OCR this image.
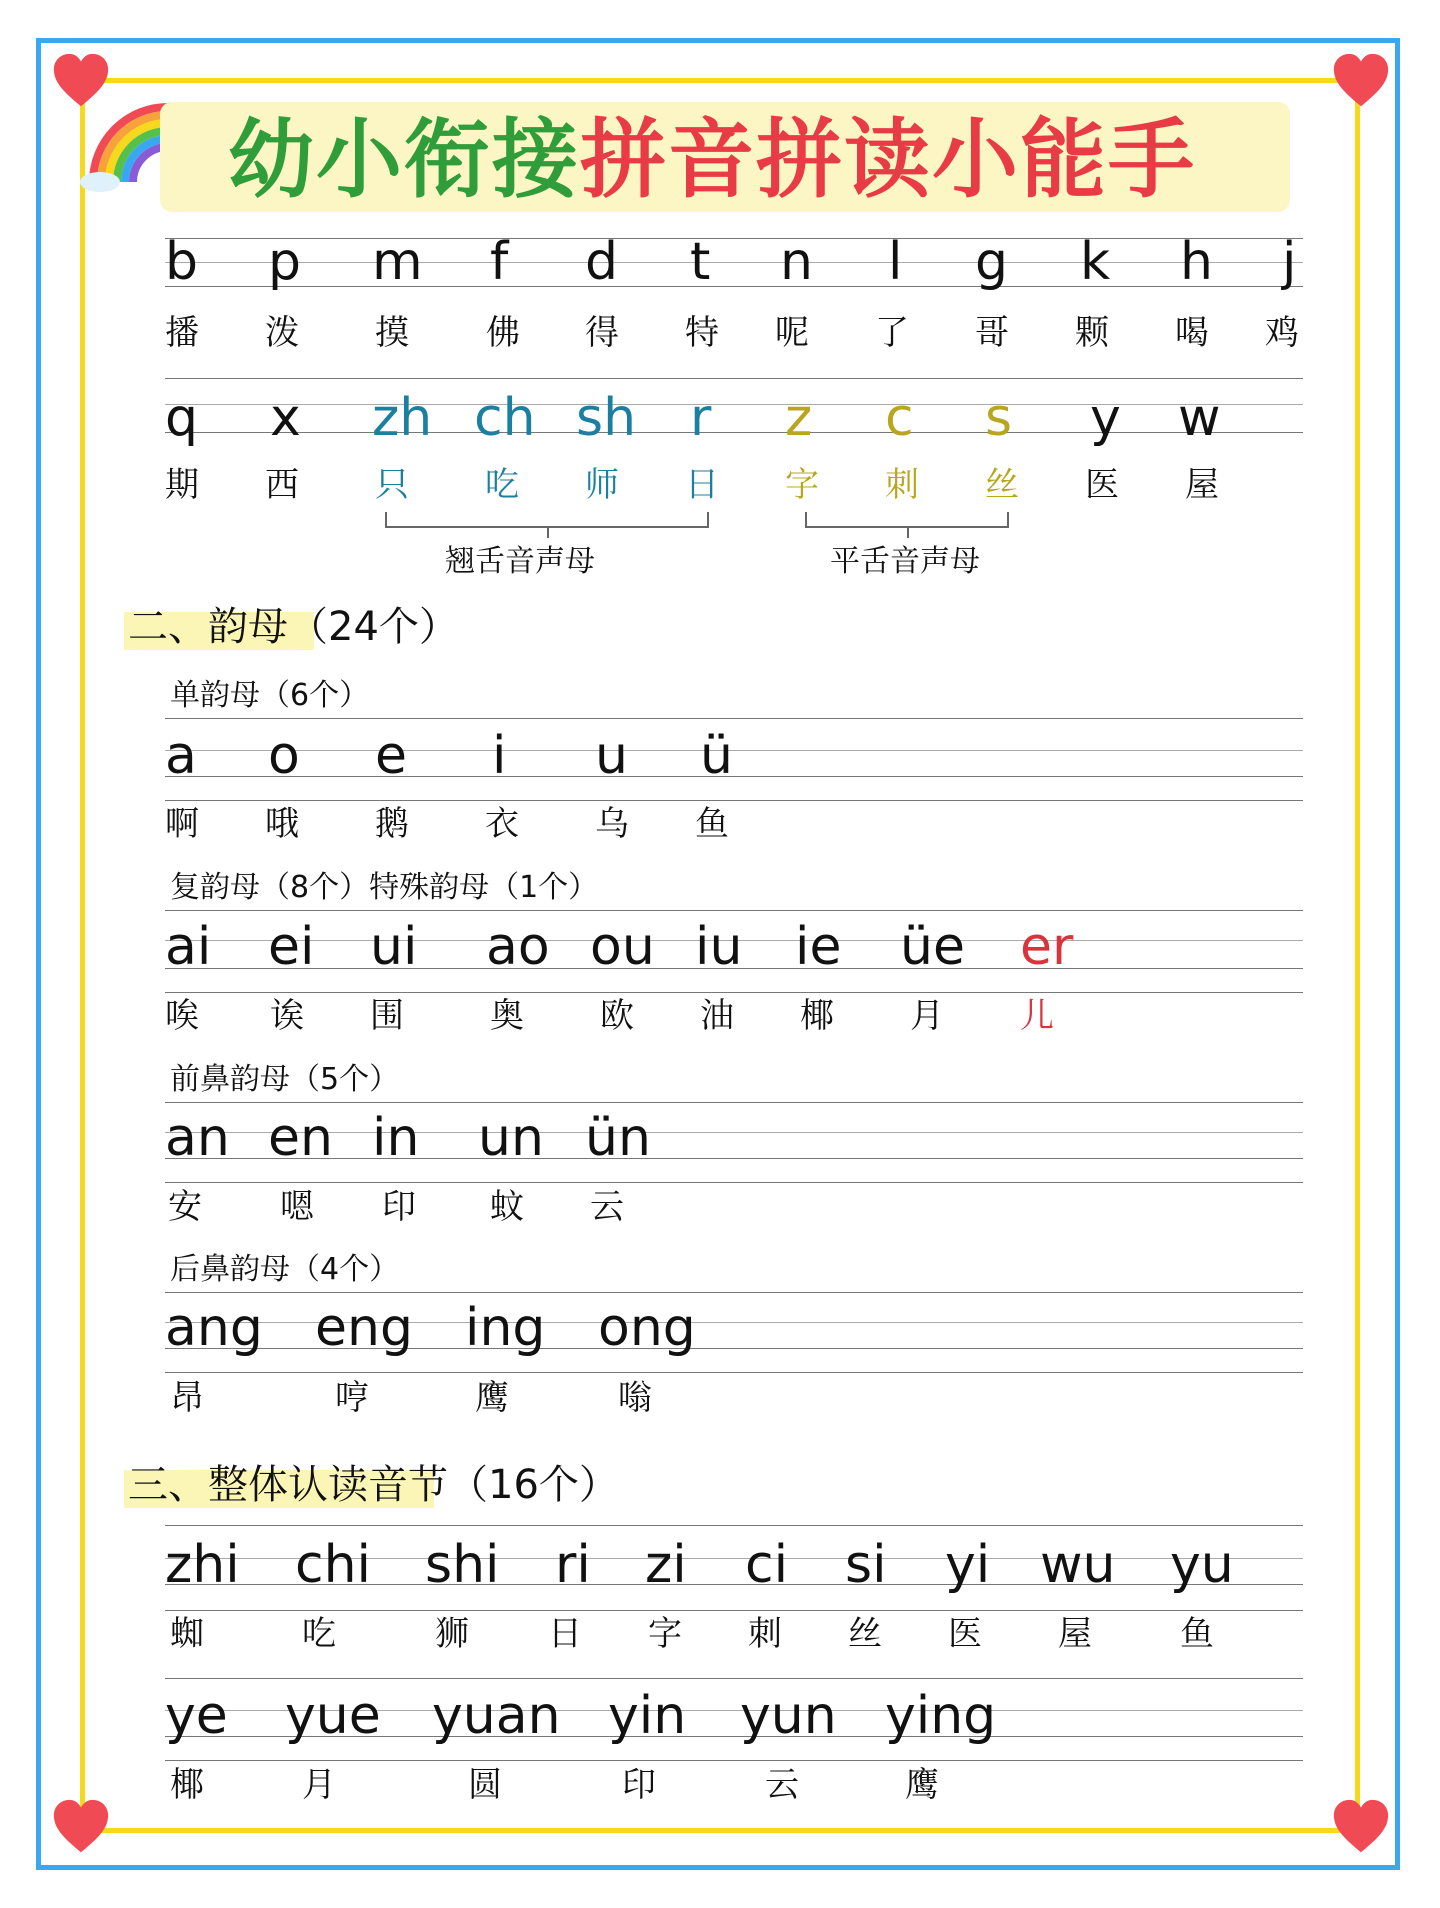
幼小衔接拼音拼读小能手
b p m f d t n l g k h j
播 泼 摸 佛 得 特 呢 了 哥 颗 喝 鸡
q x zh ch sh r z c s y w
期 西 只 吃 师 日 字 刺 丝 医 屋
翘舌音声母	平舌音声母
二、韵母（24个）
单韵母（6个）
a o e i u ü
啊 哦 鹅 衣 乌 鱼
复韵母（8个）特殊韵母（1个）
ai ei ui ao ou iu ie üe er
唉 诶 围	奥 欧 油 椰 月 儿
前鼻韵母（5个）
an en in un ün
安 嗯 印 蚊 云
后鼻韵母（4个）
ang eng ing ong
昂	哼	鹰	嗡
三、整体认读音节（16个）
zhi chi shi ri zi ci si yi wu yu
蜘	吃	狮 日 字 刺 丝 医 屋	鱼
ye yue yuan yin yun ying
椰	月	圆	印	云	鹰
